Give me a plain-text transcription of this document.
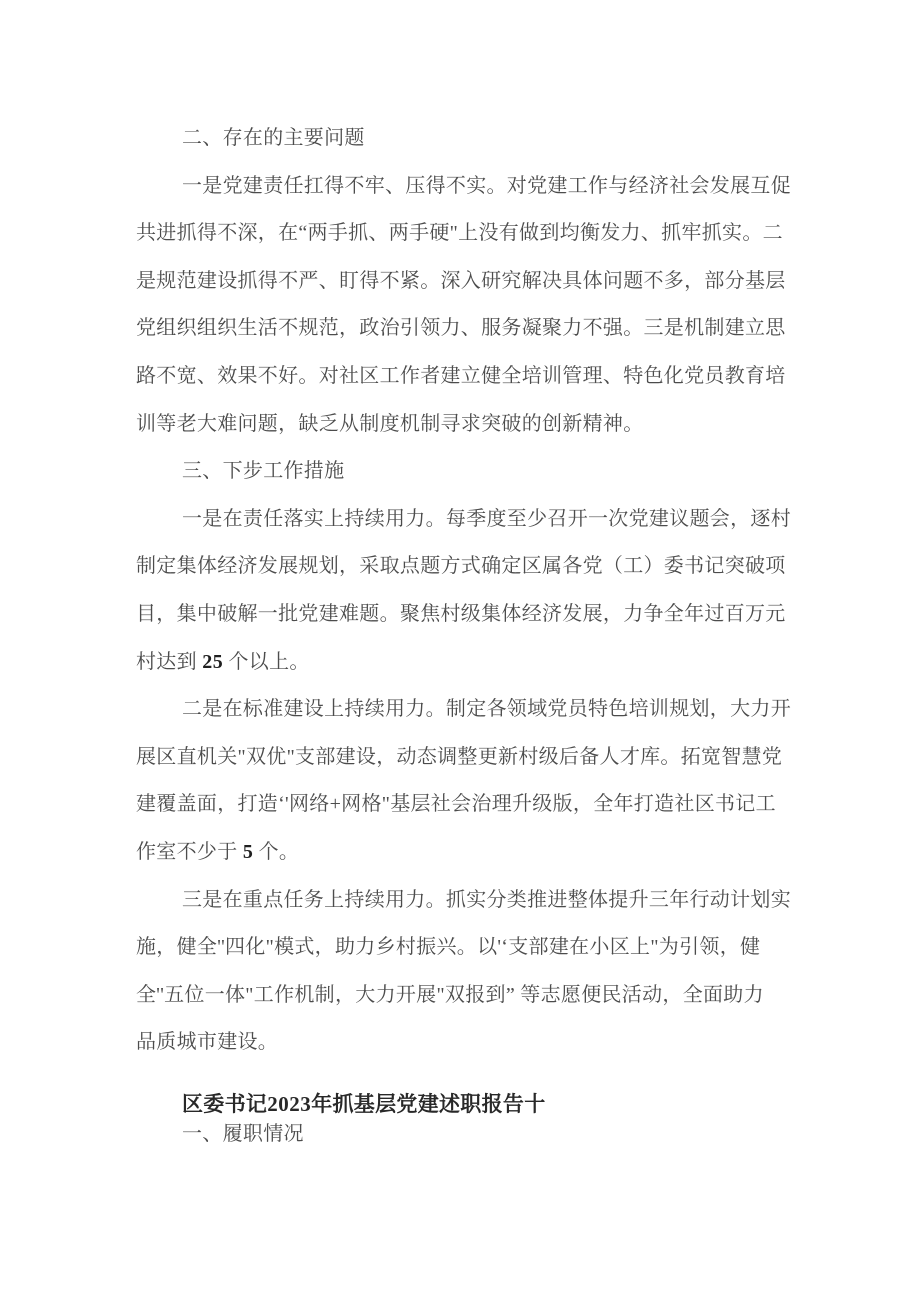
二、存在的主要问题
一是党建责任扛得不牢、压得不实。对党建工作与经济社会发展互促
共进抓得不深，在“两手抓、两手硬"上没有做到均衡发力、抓牢抓实。二
是规范建设抓得不严、盯得不紧。深入研究解决具体问题不多，部分基层
党组织组织生活不规范，政治引领力、服务凝聚力不强。三是机制建立思
路不宽、效果不好。对社区工作者建立健全培训管理、特色化党员教育培
训等老大难问题，缺乏从制度机制寻求突破的创新精神。
三、下步工作措施
一是在责任落实上持续用力。每季度至少召开一次党建议题会，逐村
制定集体经济发展规划，采取点题方式确定区属各党（工）委书记突破项
目，集中破解一批党建难题。聚焦村级集体经济发展，力争全年过百万元
村达到 25 个以上。
二是在标准建设上持续用力。制定各领域党员特色培训规划，大力开
展区直机关"双优"支部建设，动态调整更新村级后备人才库。拓宽智慧党
建覆盖面，打造‘'网络+网格"基层社会治理升级版，全年打造社区书记工
作室不少于 5 个。
三是在重点任务上持续用力。抓实分类推进整体提升三年行动计划实
施，健全''四化"模式，助力乡村振兴。以'‘支部建在小区上"为引领，健
全''五位一体"工作机制，大力开展"双报到” 等志愿便民活动，全面助力
品质城市建设。
区委书记2023年抓基层党建述职报告十
一、履职情况
